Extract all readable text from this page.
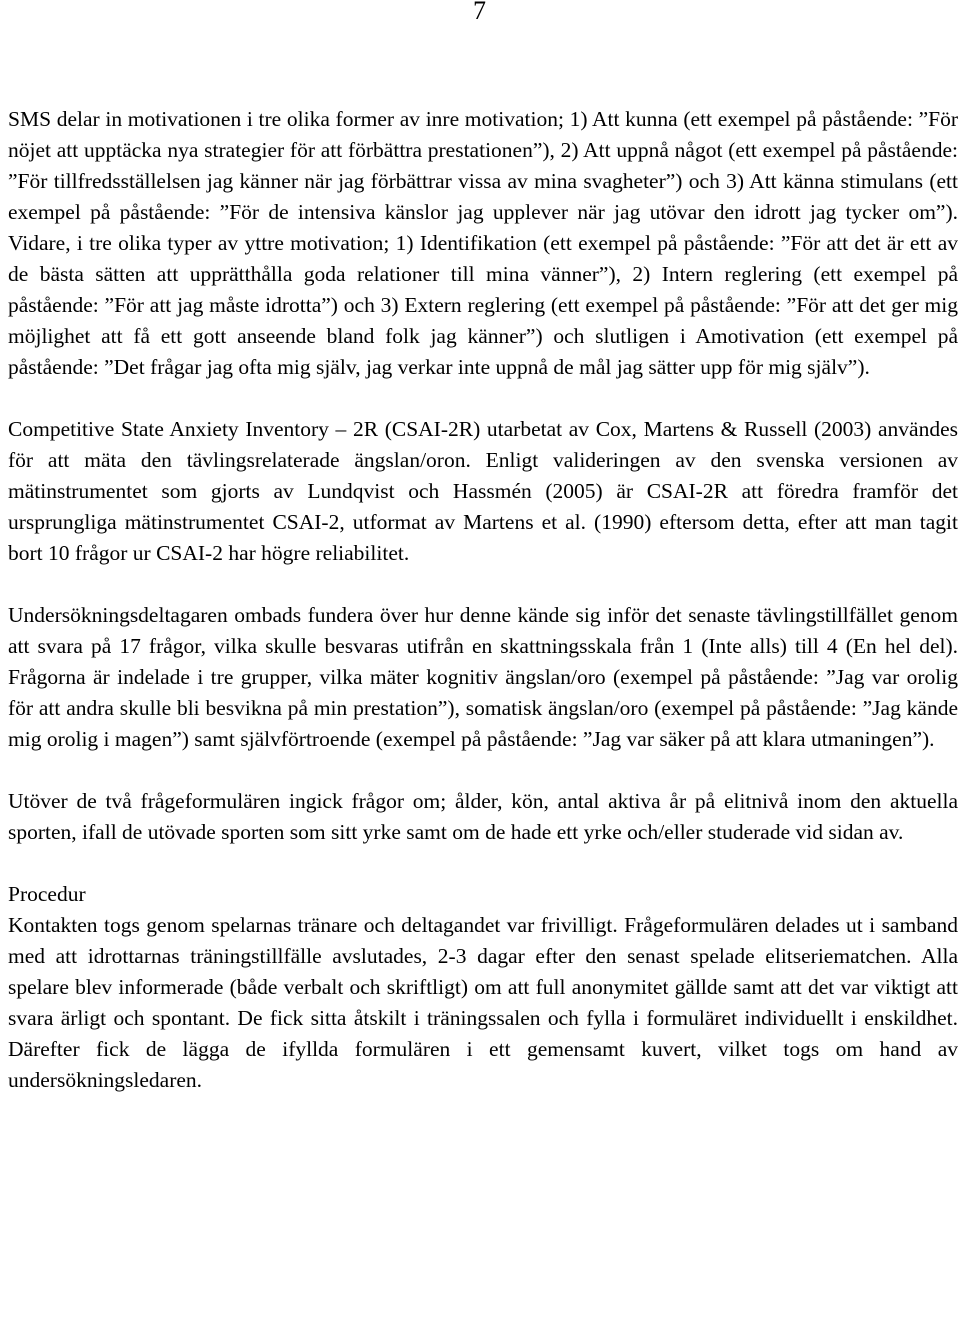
7

SMS delar in motivationen i tre olika former av inre motivation; 1) Att kunna (ett exempel på påstående: ”För nöjet att upptäcka nya strategier för att förbättra prestationen”), 2) Att uppnå något (ett exempel på påstående: ”För tillfredsställelsen jag känner när jag förbättrar vissa av mina svagheter”) och 3) Att känna stimulans (ett exempel på påstående: ”För de intensiva känslor jag upplever när jag utövar den idrott jag tycker om”). Vidare, i tre olika typer av yttre motivation; 1) Identifikation (ett exempel på påstående: ”För att det är ett av de bästa sätten att upprätthålla goda relationer till mina vänner”), 2) Intern reglering (ett exempel på påstående: ”För att jag måste idrotta”) och 3) Extern reglering (ett exempel på påstående: ”För att det ger mig möjlighet att få ett gott anseende bland folk jag känner”) och slutligen i Amotivation (ett exempel på påstående: ”Det frågar jag ofta mig själv, jag verkar inte uppnå de mål jag sätter upp för mig själv”).

Competitive State Anxiety Inventory – 2R (CSAI-2R) utarbetat av Cox, Martens & Russell (2003) användes för att mäta den tävlingsrelaterade ängslan/oron. Enligt valideringen av den svenska versionen av mätinstrumentet som gjorts av Lundqvist och Hassmén (2005) är CSAI-2R att föredra framför det ursprungliga mätinstrumentet CSAI-2, utformat av Martens et al. (1990) eftersom detta, efter att man tagit bort 10 frågor ur CSAI-2 har högre reliabilitet.

Undersökningsdeltagaren ombads fundera över hur denne kände sig inför det senaste tävlingstillfället genom att svara på 17 frågor, vilka skulle besvaras utifrån en skattningsskala från 1 (Inte alls) till 4 (En hel del). Frågorna är indelade i tre grupper, vilka mäter kognitiv ängslan/oro (exempel på påstående: ”Jag var orolig för att andra skulle bli besvikna på min prestation”), somatisk ängslan/oro (exempel på påstående: ”Jag kände mig orolig i magen”) samt självförtroende (exempel på påstående: ”Jag var säker på att klara utmaningen”).

Utöver de två frågeformulären ingick frågor om; ålder, kön, antal aktiva år på elitnivå inom den aktuella sporten, ifall de utövade sporten som sitt yrke samt om de hade ett yrke och/eller studerade vid sidan av.

Procedur

Kontakten togs genom spelarnas tränare och deltagandet var frivilligt. Frågeformulären delades ut i samband med att idrottarnas träningstillfälle avslutades, 2-3 dagar efter den senast spelade elitseriematchen. Alla spelare blev informerade (både verbalt och skriftligt) om att full anonymitet gällde samt att det var viktigt att svara ärligt och spontant. De fick sitta åtskilt i träningssalen och fylla i formuläret individuellt i enskildhet. Därefter fick de lägga de ifyllda formulären i ett gemensamt kuvert, vilket togs om hand av undersökningsledaren.
